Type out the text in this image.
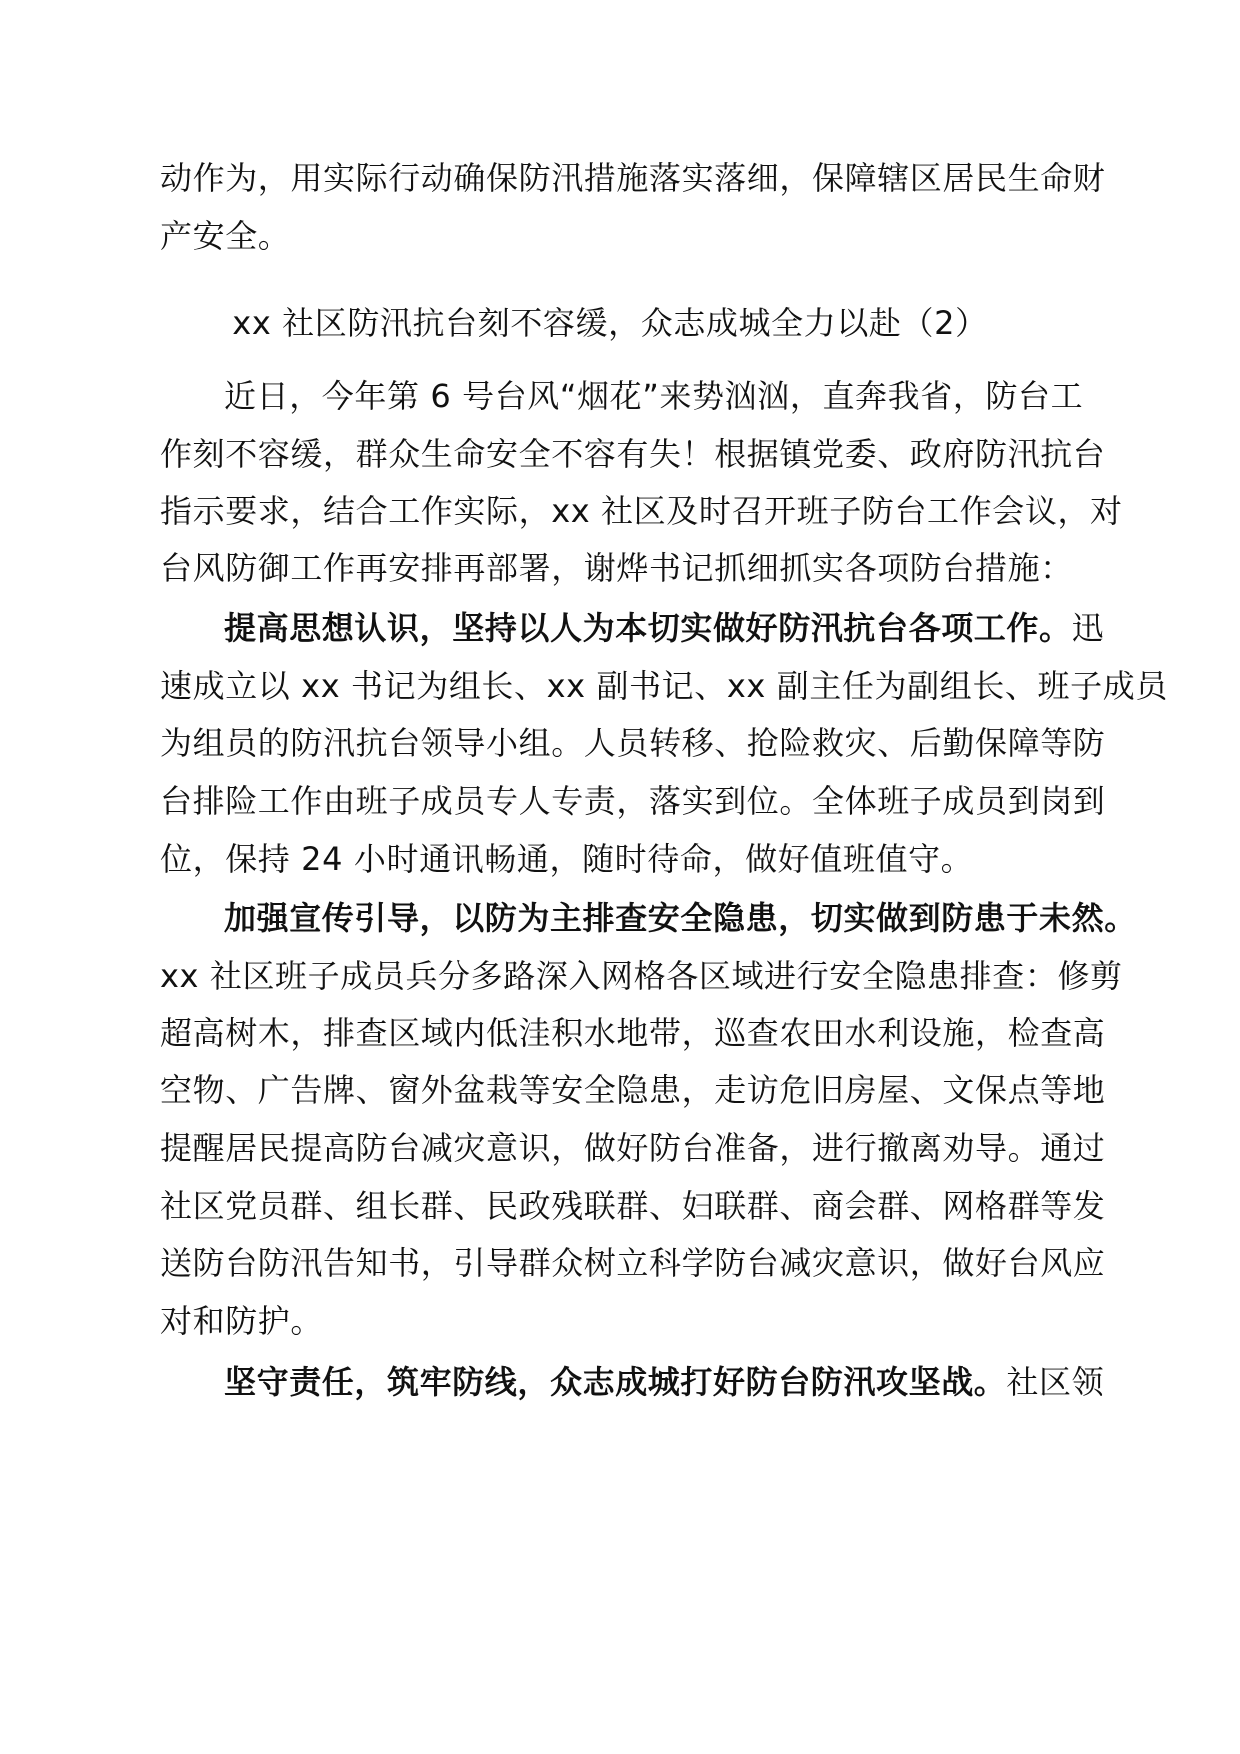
动作为，用实际行动确保防汛措施落实落细，保障辖区居民生命财
产安全。
xx 社区防汛抗台刻不容缓，众志成城全力以赴（2）
近日，今年第 6 号台风“烟花”来势汹汹，直奔我省，防台工
作刻不容缓，群众生命安全不容有失！根据镇党委、政府防汛抗台
指示要求，结合工作实际，xx 社区及时召开班子防台工作会议，对
台风防御工作再安排再部署，谢烨书记抓细抓实各项防台措施：
提高思想认识，坚持以人为本切实做好防汛抗台各项工作。迅
速成立以 xx 书记为组长、xx 副书记、xx 副主任为副组长、班子成员
为组员的防汛抗台领导小组。人员转移、抢险救灾、后勤保障等防
台排险工作由班子成员专人专责，落实到位。全体班子成员到岗到
位，保持 24 小时通讯畅通，随时待命，做好值班值守。
加强宣传引导，以防为主排查安全隐患，切实做到防患于未然。
xx 社区班子成员兵分多路深入网格各区域进行安全隐患排查：修剪
超高树木，排查区域内低洼积水地带，巡查农田水利设施，检查高
空物、广告牌、窗外盆栽等安全隐患，走访危旧房屋、文保点等地
提醒居民提高防台减灾意识，做好防台准备，进行撤离劝导。通过
社区党员群、组长群、民政残联群、妇联群、商会群、网格群等发
送防台防汛告知书，引导群众树立科学防台减灾意识，做好台风应
对和防护。
坚守责任，筑牢防线，众志成城打好防台防汛攻坚战。社区领
